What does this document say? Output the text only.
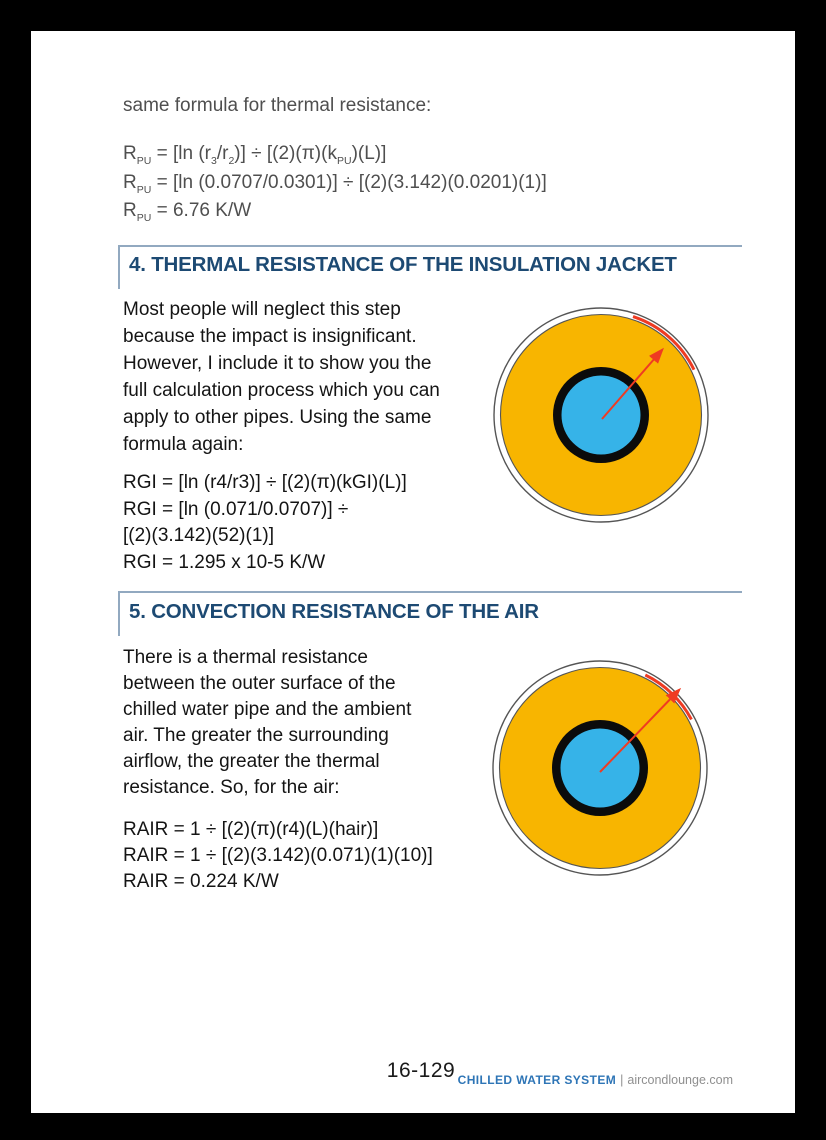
same formula for thermal resistance:
$R_{PU} = [\ln$ $(r_3/r_2)] \div [(2)(\pi)(k_{PU})(L)]$
$R_{PU} = [\ln$ (0.0707/0.0301)] ÷ [(2)(3.142)(0.0201)(1)]
$R_{PU} = 6.76$ K/W
4. THERMAL RESISTANCE OF THE INSULATION JACKET
Most people will neglect this step
because the impact is insignificant.
However, I include it to show you the
full calculation process which you can
apply to other pipes. Using the same
formula again:
RGI = [ln (r4/r3)] ÷ [(2)(π)(kGI)(L)]
RGI = [ln (0.071/0.0707)] ÷
[(2)(3.142)(52)(1)]
RGI = 1.295 x 10-5 K/W
5. CONVECTION RESISTANCE OF THE AIR
There is a thermal resistance
between the outer surface of the
chilled water pipe and the ambient
air. The greater the surrounding
airflow, the greater the thermal
resistance. So, for the air:
RAIR = 1 ÷ [(2)(π)(r4)(L)(hair)]
RAIR = 1 ÷ [(2)(3.142)(0.071)(1)(10)]
RAIR = 0.224 K/W
16-129 CHILLED WATER SYSTEM | aircondlounge.com
